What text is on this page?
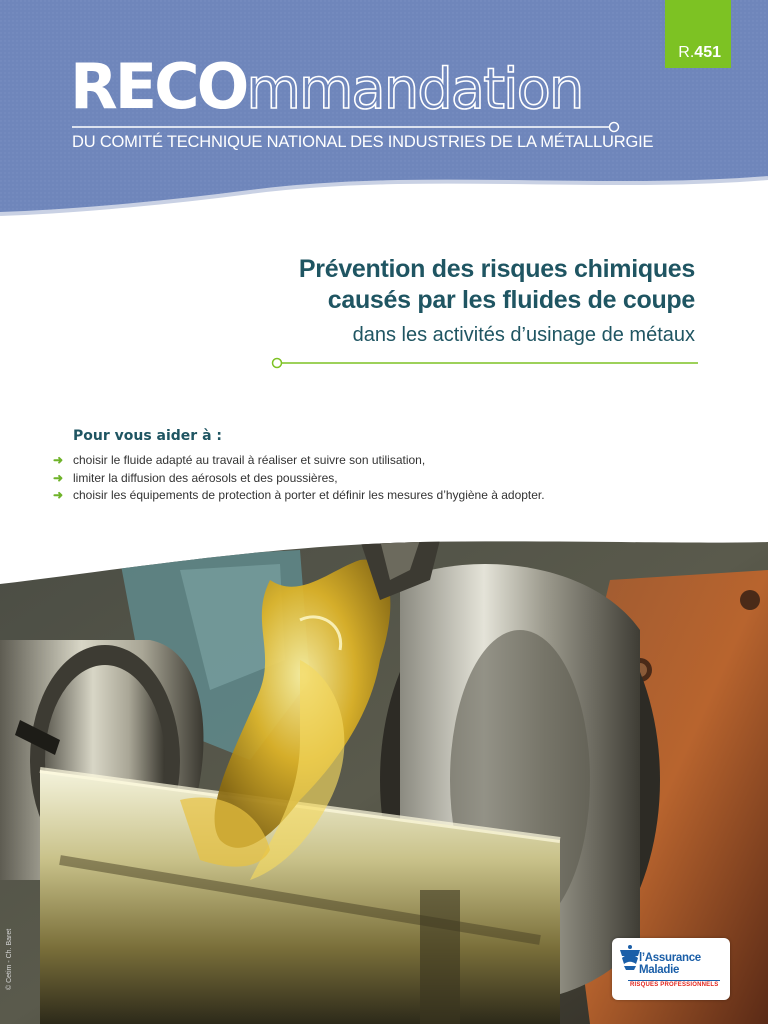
R.451
RECOmmandation
DU COMITÉ TECHNIQUE NATIONAL DES INDUSTRIES DE LA MÉTALLURGIE
Prévention des risques chimiques
causés par les fluides de coupe
dans les activités d’usinage de métaux
Pour vous aider à :
➜ choisir le fluide adapté au travail à réaliser et suivre son utilisation,
➜ limiter la diffusion des aérosols et des poussières,
➜ choisir les équipements de protection à porter et définir les mesures d’hygiène à adopter.
© Cetim - Ch. Baret	l’Assurance
Maladie
RISQUES PROFESSIONNELS
